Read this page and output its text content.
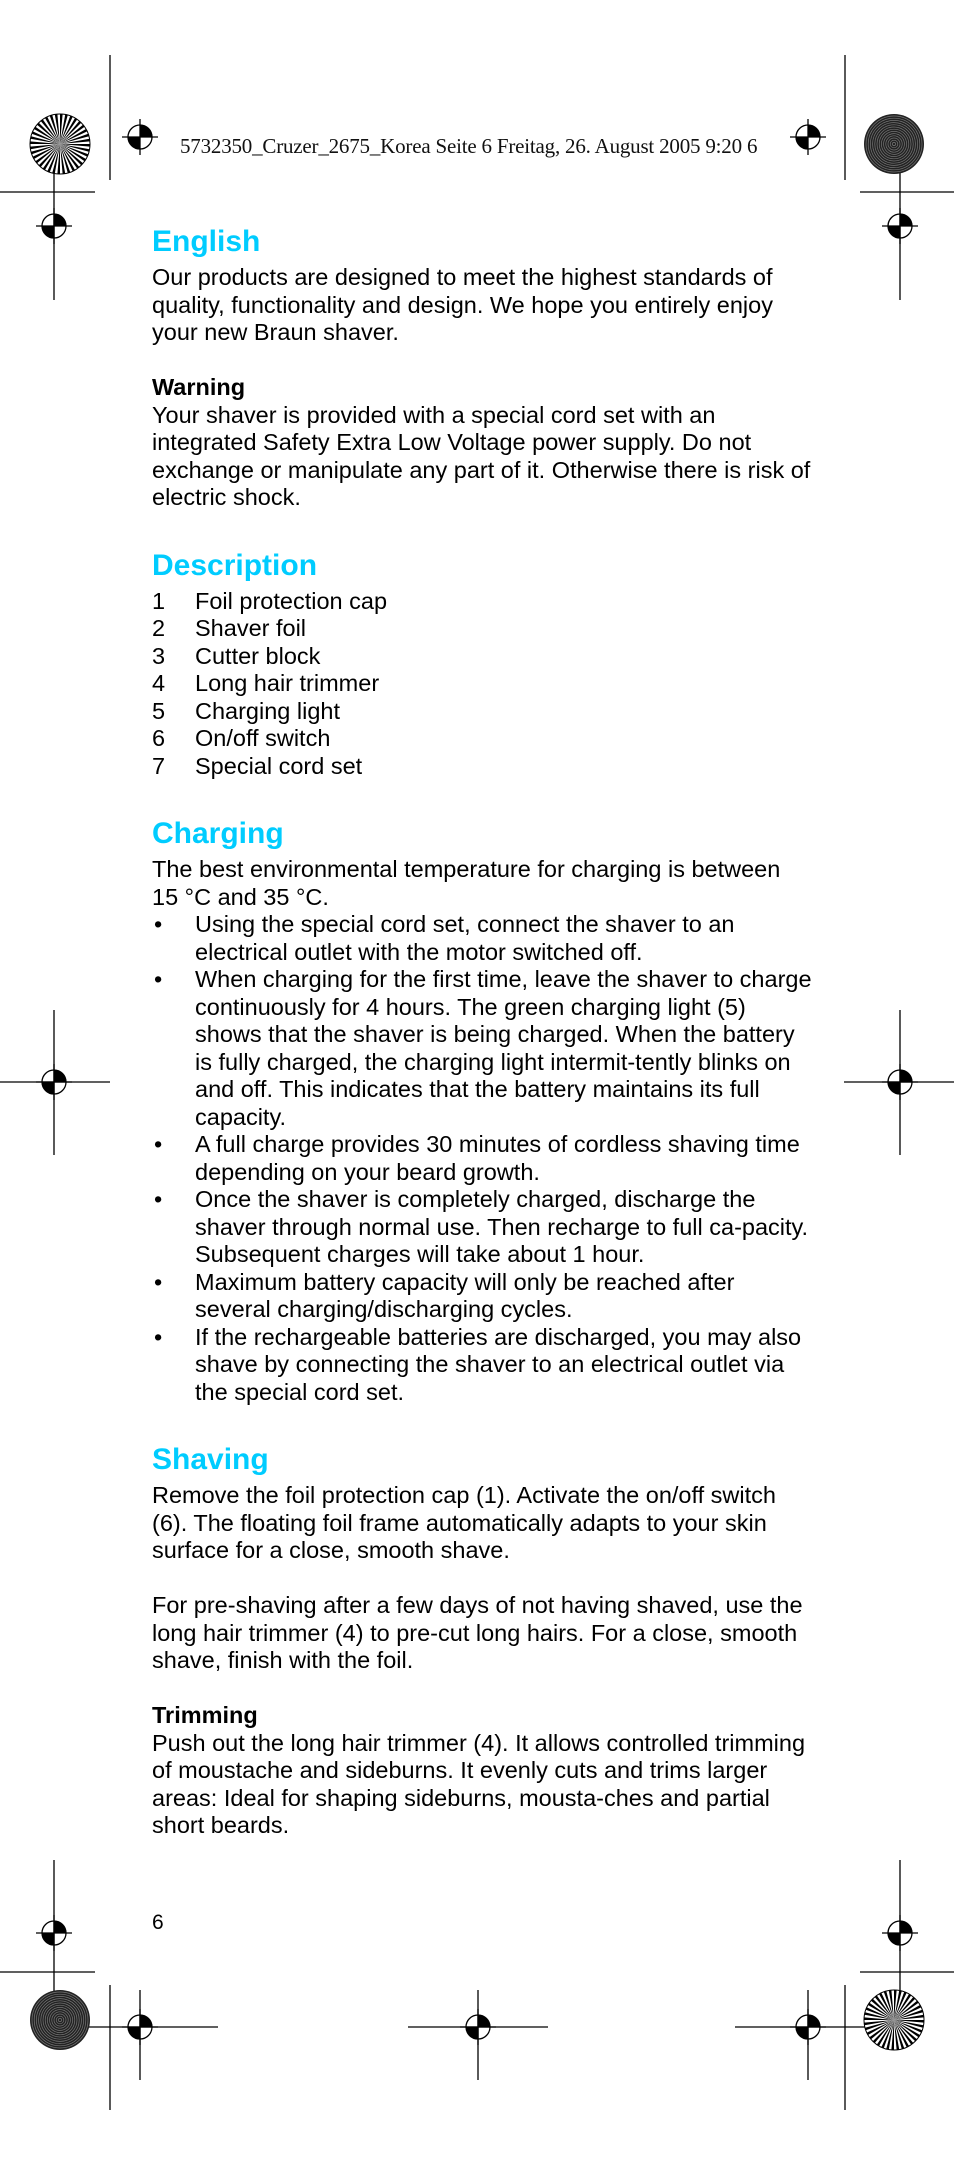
5732350_Cruzer_2675_Korea Seite 6 Freitag, 26. August 2005 9:20 6
English

Our products are designed to meet the highest standards of quality, functionality and design. We hope you entirely enjoy your new Braun shaver.

Warning

Your shaver is provided with a special cord set with an integrated Safety Extra Low Voltage power supply. Do not exchange or manipulate any part of it. Otherwise there is risk of electric shock.

Description
1	Foil protection cap
2	Shaver foil
3	Cutter block
4	Long hair trimmer
5	Charging light
6	On/off switch
7	Special cord set
Charging

The best environmental temperature for charging is between 15 °C and 35 °C.

•	Using the special cord set, connect the shaver to an electrical outlet with the motor switched off.
•	When charging for the first time, leave the shaver to charge continuously for 4 hours. The green charging light (5) shows that the shaver is being charged. When the battery is fully charged, the charging light intermit-tently blinks on and off. This indicates that the battery maintains its full capacity.
•	A full charge provides 30 minutes of cordless shaving time depending on your beard growth.
•	Once the shaver is completely charged, discharge the shaver through normal use. Then recharge to full ca-pacity. Subsequent charges will take about 1 hour.
•	Maximum battery capacity will only be reached after several charging/discharging cycles.
•	If the rechargeable batteries are discharged, you may also shave by connecting the shaver to an electrical outlet via the special cord set.
Shaving

Remove the foil protection cap (1). Activate the on/off switch (6). The floating foil frame automatically adapts to your skin surface for a close, smooth shave.

For pre-shaving after a few days of not having shaved, use the long hair trimmer (4) to pre-cut long hairs. For a close, smooth shave, finish with the foil.

Trimming

Push out the long hair trimmer (4). It allows controlled trimming of moustache and sideburns. It evenly cuts and trims larger areas: Ideal for shaping sideburns, mousta-ches and partial short beards.

6
